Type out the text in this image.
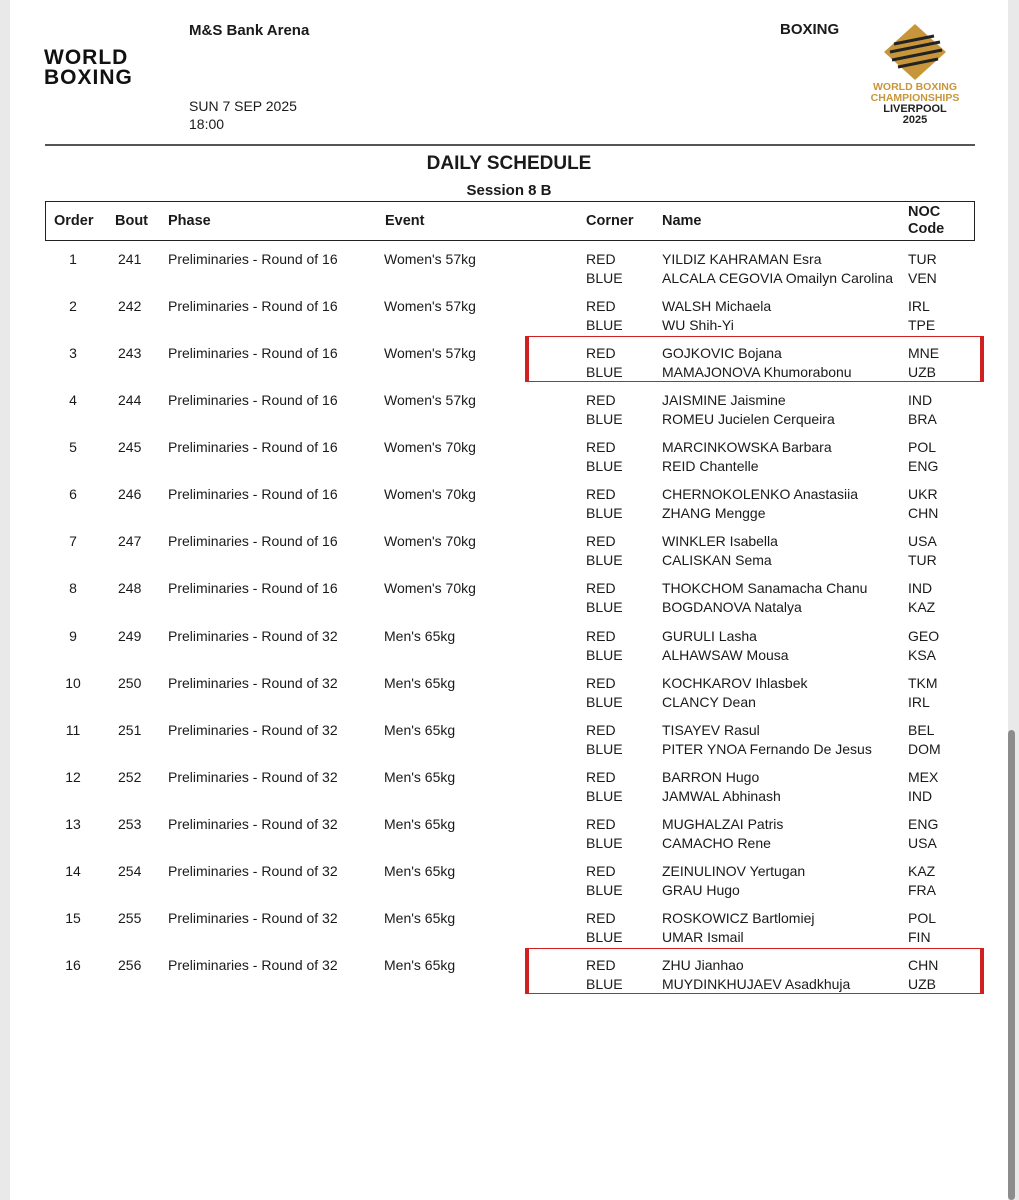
WORLD
BOXING
M&S Bank Arena
SUN 7 SEP 2025
18:00
BOXING
WORLD BOXING
CHAMPIONSHIPS
LIVERPOOL
2025
DAILY SCHEDULE
Session 8 B
Order Bout Phase	Event	Corner Name
NOC
Code
1	241 Preliminaries - Round of 16	Women's 57kg	RED	YILDIZ KAHRAMAN Esra	TUR
BLUE	ALCALA CEGOVIA Omailyn Carolina VEN
2	242 Preliminaries - Round of 16	Women's 57kg	RED	WALSH Michaela	IRL
BLUE	WU Shih-Yi	TPE
3	243 Preliminaries - Round of 16	Women's 57kg	RED	GOJKOVIC Bojana	MNE
BLUE	MAMAJONOVA Khumorabonu	UZB
4	244 Preliminaries - Round of 16	Women's 57kg	RED	JAISMINE Jaismine	IND
BLUE	ROMEU Jucielen Cerqueira	BRA
5	245 Preliminaries - Round of 16	Women's 70kg	RED	MARCINKOWSKA Barbara	POL
BLUE	REID Chantelle	ENG
6	246 Preliminaries - Round of 16	Women's 70kg	RED	CHERNOKOLENKO Anastasiia	UKR
BLUE	ZHANG Mengge	CHN
7	247 Preliminaries - Round of 16	Women's 70kg	RED	WINKLER Isabella	USA
BLUE	CALISKAN Sema	TUR
8	248 Preliminaries - Round of 16	Women's 70kg	RED	THOKCHOM Sanamacha Chanu	IND
BLUE	BOGDANOVA Natalya	KAZ
9	249 Preliminaries - Round of 32	Men's 65kg	RED	GURULI Lasha	GEO
BLUE	ALHAWSAW Mousa	KSA
10	250 Preliminaries - Round of 32	Men's 65kg	RED	KOCHKAROV Ihlasbek	TKM
BLUE	CLANCY Dean	IRL
11	251 Preliminaries - Round of 32	Men's 65kg	RED	TISAYEV Rasul	BEL
BLUE	PITER YNOA Fernando De Jesus	DOM
12	252 Preliminaries - Round of 32	Men's 65kg	RED	BARRON Hugo	MEX
BLUE	JAMWAL Abhinash	IND
13	253 Preliminaries - Round of 32	Men's 65kg	RED	MUGHALZAI Patris	ENG
BLUE	CAMACHO Rene	USA
14	254 Preliminaries - Round of 32	Men's 65kg	RED	ZEINULINOV Yertugan	KAZ
BLUE	GRAU Hugo	FRA
15	255 Preliminaries - Round of 32	Men's 65kg	RED	ROSKOWICZ Bartlomiej	POL
BLUE	UMAR Ismail	FIN
16	256 Preliminaries - Round of 32	Men's 65kg	RED	ZHU Jianhao	CHN
BLUE	MUYDINKHUJAEV Asadkhuja	UZB
